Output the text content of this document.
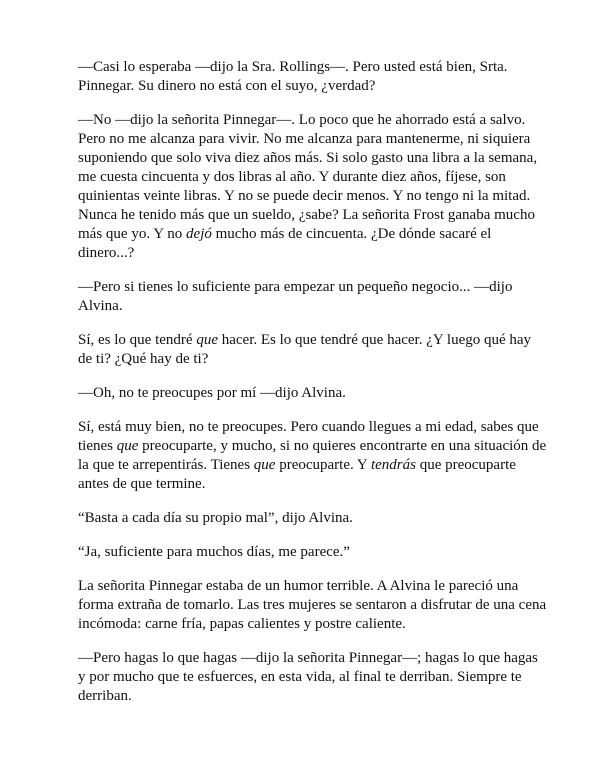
—Casi lo esperaba —dijo la Sra. Rollings—. Pero usted está bien, Srta. Pinnegar. Su dinero no está con el suyo, ¿verdad?

—No —dijo la señorita Pinnegar—. Lo poco que he ahorrado está a salvo. Pero no me alcanza para vivir. No me alcanza para mantenerme, ni siquiera suponiendo que solo viva diez años más. Si solo gasto una libra a la semana, me cuesta cincuenta y dos libras al año. Y durante diez años, fíjese, son quinientas veinte libras. Y no se puede decir menos. Y no tengo ni la mitad. Nunca he tenido más que un sueldo, ¿sabe? La señorita Frost ganaba mucho más que yo. Y no dejó mucho más de cincuenta. ¿De dónde sacaré el dinero...?

—Pero si tienes lo suficiente para empezar un pequeño negocio... —dijo Alvina.

Sí, es lo que tendré que hacer. Es lo que tendré que hacer. ¿Y luego qué hay de ti? ¿Qué hay de ti?

—Oh, no te preocupes por mí —dijo Alvina.

Sí, está muy bien, no te preocupes. Pero cuando llegues a mi edad, sabes que tienes que preocuparte, y mucho, si no quieres encontrarte en una situación de la que te arrepentirás. Tienes que preocuparte. Y tendrás que preocuparte antes de que termine.

“Basta a cada día su propio mal”, dijo Alvina.

“Ja, suficiente para muchos días, me parece.”

La señorita Pinnegar estaba de un humor terrible. A Alvina le pareció una forma extraña de tomarlo. Las tres mujeres se sentaron a disfrutar de una cena incómoda: carne fría, papas calientes y postre caliente.

—Pero hagas lo que hagas —dijo la señorita Pinnegar—; hagas lo que hagas y por mucho que te esfuerces, en esta vida, al final te derriban. Siempre te derriban.
